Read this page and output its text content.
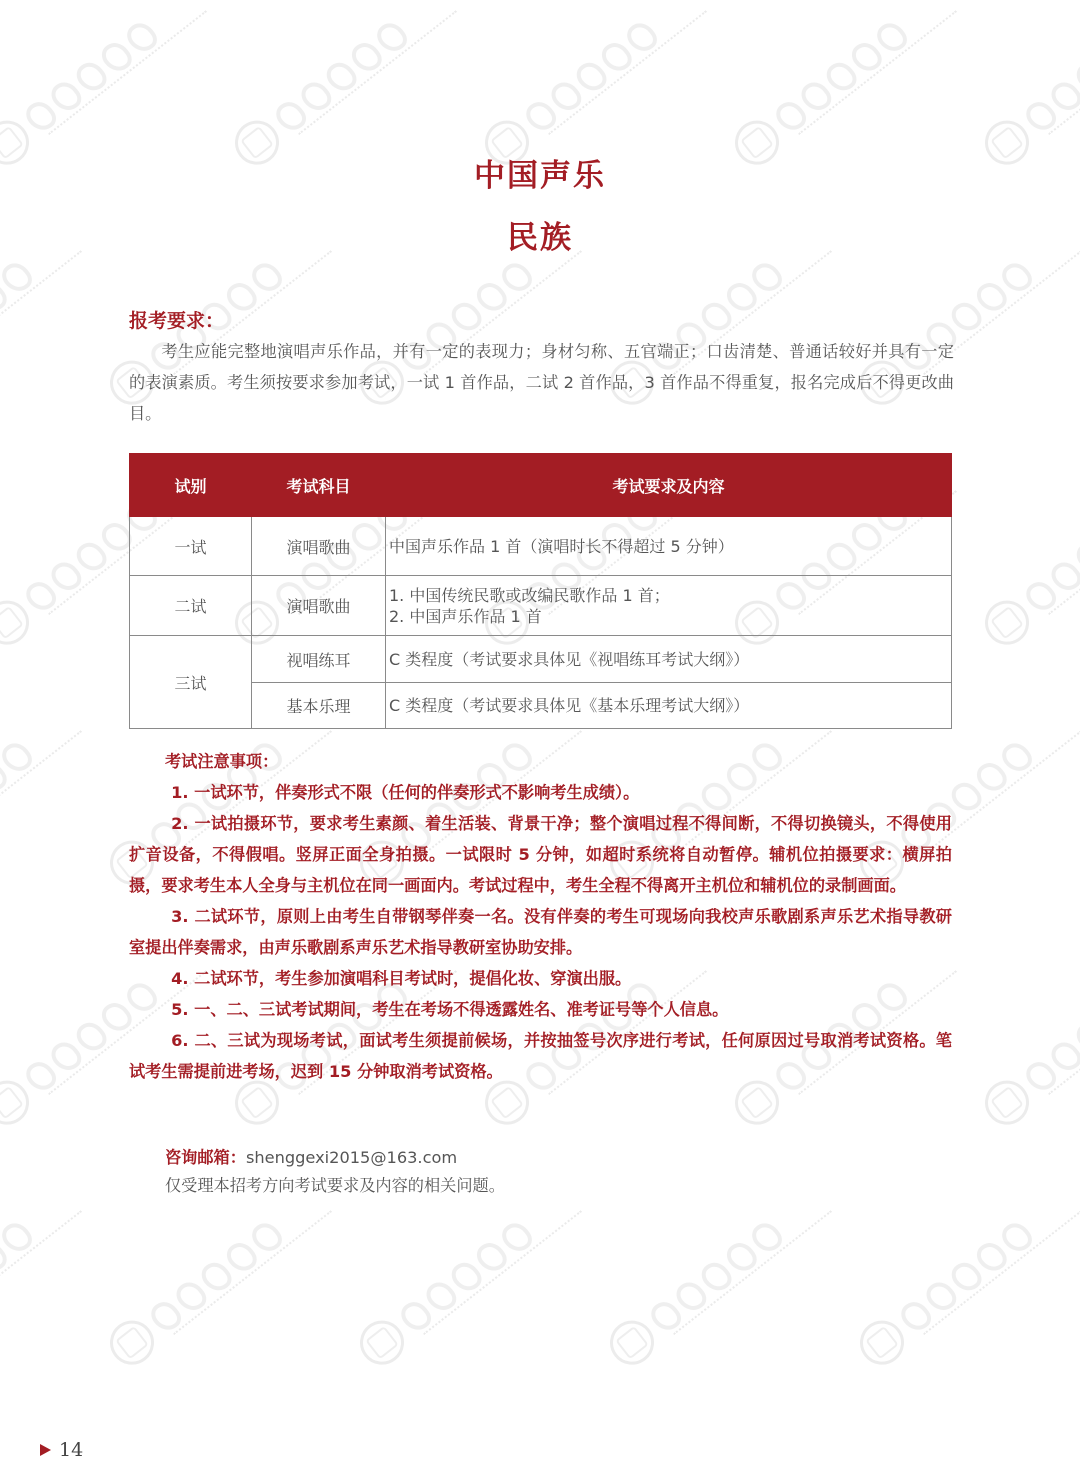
中国声乐
民族
报考要求：
考生应能完整地演唱声乐作品，并有一定的表现力；身材匀称、五官端正；口齿清楚、普通话较好并具有一定的表演素质。考生须按要求参加考试，一试 1 首作品，二试 2 首作品，3 首作品不得重复，报名完成后不得更改曲目。
试别	考试科目	考试要求及内容
一试	演唱歌曲	中国声乐作品 1 首（演唱时长不得超过 5 分钟）

二试	演唱歌曲	1. 中国传统民歌或改编民歌作品 1 首；
2. 中国声乐作品 1 首

三试	视唱练耳	C 类程度（考试要求具体见《视唱练耳考试大纲》）

	基本乐理	C 类程度（考试要求具体见《基本乐理考试大纲》）
考试注意事项：

1. 一试环节，伴奏形式不限（任何的伴奏形式不影响考生成绩）。

2. 一试拍摄环节，要求考生素颜、着生活装、背景干净；整个演唱过程不得间断，不得切换镜头，不得使用扩音设备，不得假唱。竖屏正面全身拍摄。一试限时 5 分钟，如超时系统将自动暂停。辅机位拍摄要求：横屏拍摄，要求考生本人全身与主机位在同一画面内。考试过程中，考生全程不得离开主机位和辅机位的录制画面。

3. 二试环节，原则上由考生自带钢琴伴奏一名。没有伴奏的考生可现场向我校声乐歌剧系声乐艺术指导教研室提出伴奏需求，由声乐歌剧系声乐艺术指导教研室协助安排。

4. 二试环节，考生参加演唱科目考试时，提倡化妆、穿演出服。

5. 一、二、三试考试期间，考生在考场不得透露姓名、准考证号等个人信息。

6. 二、三试为现场考试，面试考生须提前候场，并按抽签号次序进行考试，任何原因过号取消考试资格。笔试考生需提前进考场，迟到 15 分钟取消考试资格。

咨询邮箱：shenggexi2015@163.com
仅受理本招考方向考试要求及内容的相关问题。
14
